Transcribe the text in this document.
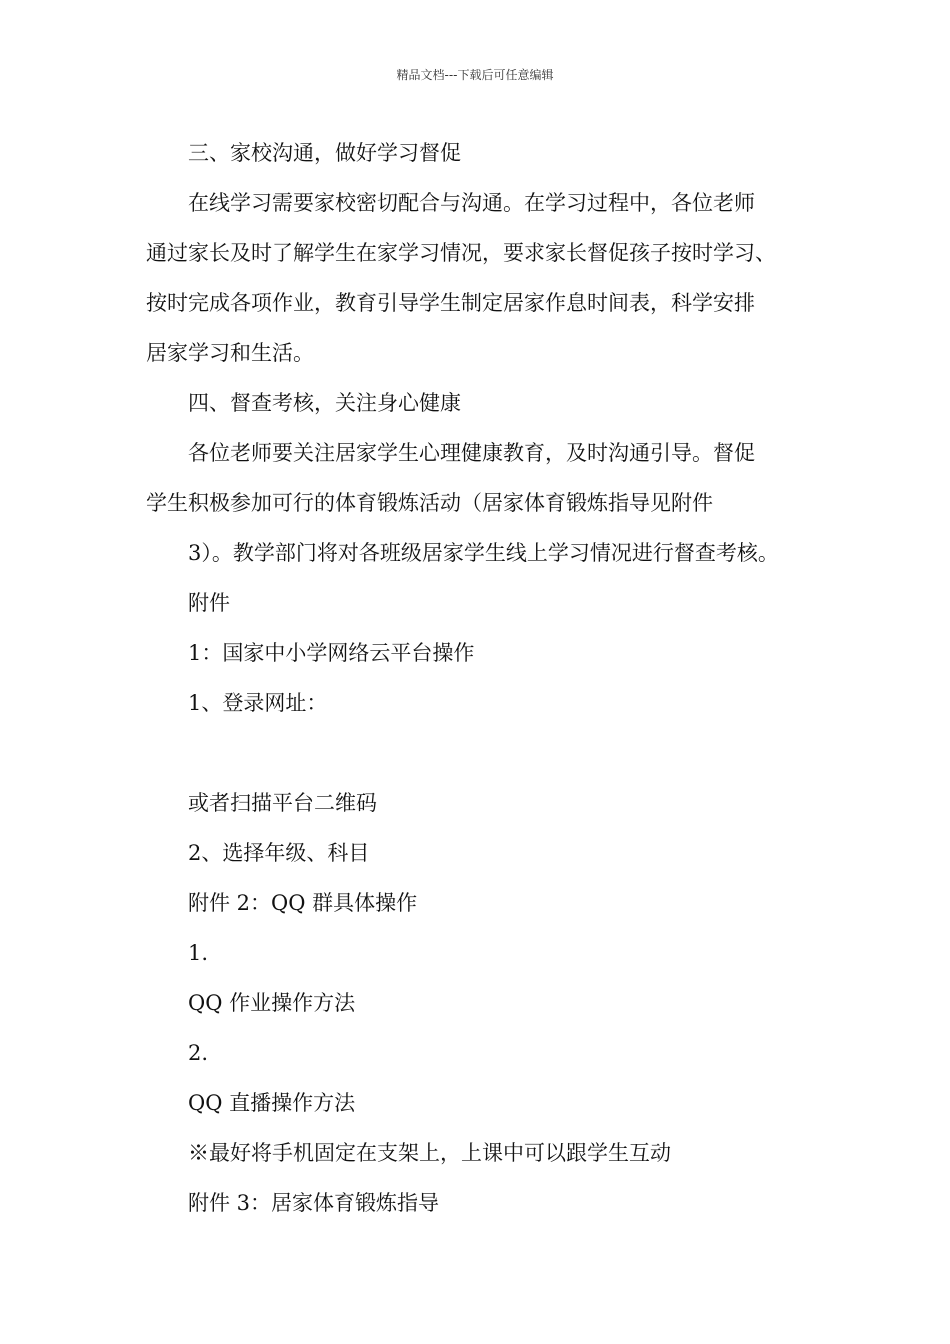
精品文档---下载后可任意编辑
三、家校沟通，做好学习督促
在线学习需要家校密切配合与沟通。在学习过程中，各位老师
通过家长及时了解学生在家学习情况，要求家长督促孩子按时学习、
按时完成各项作业，教育引导学生制定居家作息时间表，科学安排
居家学习和生活。
四、督查考核，关注身心健康
各位老师要关注居家学生心理健康教育，及时沟通引导。督促
学生积极参加可行的体育锻炼活动（居家体育锻炼指导见附件
3）。教学部门将对各班级居家学生线上学习情况进行督查考核。
附件
1：国家中小学网络云平台操作
1、登录网址：
或者扫描平台二维码
2、选择年级、科目
附件 2：QQ 群具体操作
1.
QQ 作业操作方法
2.
QQ 直播操作方法
※最好将手机固定在支架上，上课中可以跟学生互动
附件 3：居家体育锻炼指导
